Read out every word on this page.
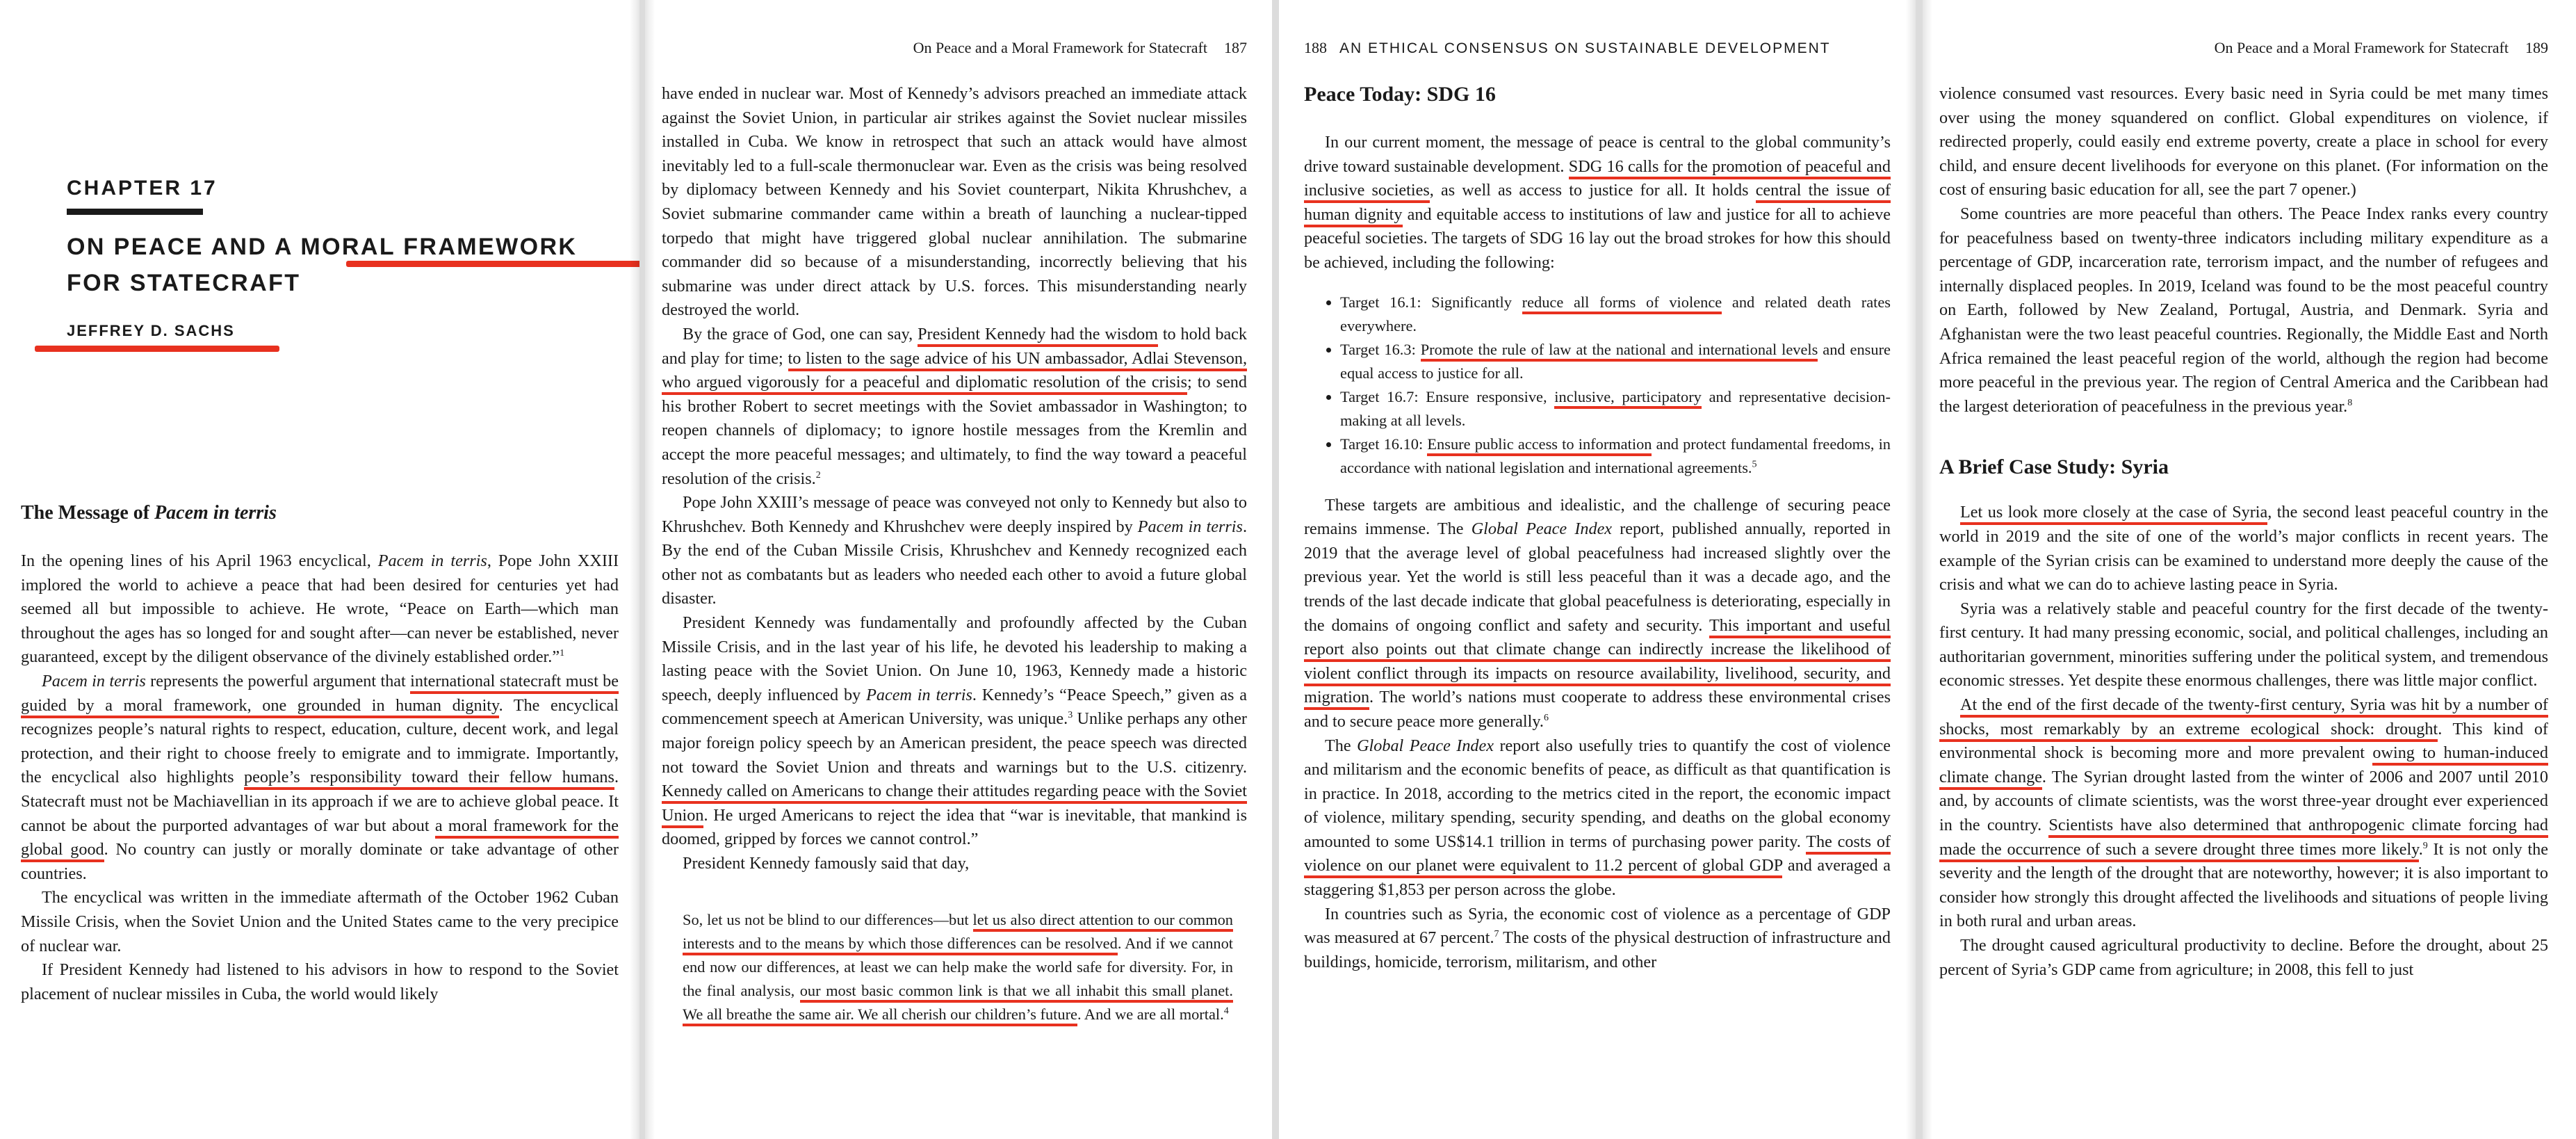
CHAPTER 17
ON PEACE AND A MORAL FRAMEWORK
FOR STATECRAFT
JEFFREY D. SACHS
The Message of Pacem in terris

In the opening lines of his April 1963 encyclical, Pacem in terris, Pope John XXIII implored the world to achieve a peace that had been desired for centuries yet had seemed all but impossible to achieve. He wrote, “Peace on Earth—which man throughout the ages has so longed for and sought after—can never be established, never guaranteed, except by the diligent observance of the divinely established order.”$^1$

Pacem in terris represents the powerful argument that international statecraft must be guided by a moral framework, one grounded in human dignity. The encyclical recognizes people’s natural rights to respect, education, culture, decent work, and legal protection, and their right to choose freely to emigrate and to immigrate. Importantly, the encyclical also highlights people’s responsibility toward their fellow humans. Statecraft must not be Machiavellian in its approach if we are to achieve global peace. It cannot be about the purported advantages of war but about a moral framework for the global good. No country can justly or morally dominate or take advantage of other countries.

The encyclical was written in the immediate aftermath of the October 1962 Cuban Missile Crisis, when the Soviet Union and the United States came to the very precipice of nuclear war.

If President Kennedy had listened to his advisors in how to respond to the Soviet placement of nuclear missiles in Cuba, the world would likely

On Peace and a Moral Framework for Statecraft 187

have ended in nuclear war. Most of Kennedy’s advisors preached an immediate attack against the Soviet Union, in particular air strikes against the Soviet nuclear missiles installed in Cuba. We know in retrospect that such an attack would have almost inevitably led to a full-scale thermonuclear war. Even as the crisis was being resolved by diplomacy between Kennedy and his Soviet counterpart, Nikita Khrushchev, a Soviet submarine commander came within a breath of launching a nuclear-tipped torpedo that might have triggered global nuclear annihilation. The submarine commander did so because of a misunderstanding, incorrectly believing that his submarine was under direct attack by U.S. forces. This misunderstanding nearly destroyed the world.

By the grace of God, one can say, President Kennedy had the wisdom to hold back and play for time; to listen to the sage advice of his UN ambassador, Adlai Stevenson, who argued vigorously for a peaceful and diplomatic resolution of the crisis; to send his brother Robert to secret meetings with the Soviet ambassador in Washington; to reopen channels of diplomacy; to ignore hostile messages from the Kremlin and accept the more peaceful messages; and ultimately, to find the way toward a peaceful resolution of the crisis.$^2$

Pope John XXIII’s message of peace was conveyed not only to Kennedy but also to Khrushchev. Both Kennedy and Khrushchev were deeply inspired by Pacem in terris. By the end of the Cuban Missile Crisis, Khrushchev and Kennedy recognized each other not as combatants but as leaders who needed each other to avoid a future global disaster.

President Kennedy was fundamentally and profoundly affected by the Cuban Missile Crisis, and in the last year of his life, he devoted his leadership to making a lasting peace with the Soviet Union. On June 10, 1963, Kennedy made a historic speech, deeply influenced by Pacem in terris. Kennedy’s “Peace Speech,” given as a commencement speech at American University, was unique.$^3$ Unlike perhaps any other major foreign policy speech by an American president, the peace speech was directed not toward the Soviet Union and threats and warnings but to the U.S. citizenry. Kennedy called on Americans to change their attitudes regarding peace with the Soviet Union. He urged Americans to reject the idea that “war is inevitable, that mankind is doomed, gripped by forces we cannot control.”

President Kennedy famously said that day,

So, let us not be blind to our differences—but let us also direct attention to our common interests and to the means by which those differences can be resolved. And if we cannot end now our differences, at least we can help make the world safe for diversity. For, in the final analysis, our most basic common link is that we all inhabit this small planet. We all breathe the same air. We all cherish our children’s future. And we are all mortal.$^4$

188 AN ETHICAL CONSENSUS ON SUSTAINABLE DEVELOPMENT
Peace Today: SDG 16

In our current moment, the message of peace is central to the global community’s drive toward sustainable development. SDG 16 calls for the promotion of peaceful and inclusive societies, as well as access to justice for all. It holds central the issue of human dignity and equitable access to institutions of law and justice for all to achieve peaceful societies. The targets of SDG 16 lay out the broad strokes for how this should be achieved, including the following:

• Target 16.1: Significantly reduce all forms of violence and related death rates everywhere.
• Target 16.3: Promote the rule of law at the national and international levels and ensure equal access to justice for all.
• Target 16.7: Ensure responsive, inclusive, participatory and representative decision-making at all levels.
• Target 16.10: Ensure public access to information and protect fundamental freedoms, in accordance with national legislation and international agreements.$^5$

These targets are ambitious and idealistic, and the challenge of securing peace remains immense. The Global Peace Index report, published annually, reported in 2019 that the average level of global peacefulness had increased slightly over the previous year. Yet the world is still less peaceful than it was a decade ago, and the trends of the last decade indicate that global peacefulness is deteriorating, especially in the domains of ongoing conflict and safety and security. This important and useful report also points out that climate change can indirectly increase the likelihood of violent conflict through its impacts on resource availability, livelihood, security, and migration. The world’s nations must cooperate to address these environmental crises and to secure peace more generally.$^6$

The Global Peace Index report also usefully tries to quantify the cost of violence and militarism and the economic benefits of peace, as difficult as that quantification is in practice. In 2018, according to the metrics cited in the report, the economic impact of violence, military spending, security spending, and deaths on the global economy amounted to some US$14.1 trillion in terms of purchasing power parity. The costs of violence on our planet were equivalent to 11.2 percent of global GDP and averaged a staggering $1,853 per person across the globe.

In countries such as Syria, the economic cost of violence as a percentage of GDP was measured at 67 percent.$^7$ The costs of the physical destruction of infrastructure and buildings, homicide, terrorism, militarism, and other

On Peace and a Moral Framework for Statecraft 189

violence consumed vast resources. Every basic need in Syria could be met many times over using the money squandered on conflict. Global expenditures on violence, if redirected properly, could easily end extreme poverty, create a place in school for every child, and ensure decent livelihoods for everyone on this planet. (For information on the cost of ensuring basic education for all, see the part 7 opener.)

Some countries are more peaceful than others. The Peace Index ranks every country for peacefulness based on twenty-three indicators including military expenditure as a percentage of GDP, incarceration rate, terrorism impact, and the number of refugees and internally displaced peoples. In 2019, Iceland was found to be the most peaceful country on Earth, followed by New Zealand, Portugal, Austria, and Denmark. Syria and Afghanistan were the two least peaceful countries. Regionally, the Middle East and North Africa remained the least peaceful region of the world, although the region had become more peaceful in the previous year. The region of Central America and the Caribbean had the largest deterioration of peacefulness in the previous year.$^8$

A Brief Case Study: Syria

Let us look more closely at the case of Syria, the second least peaceful country in the world in 2019 and the site of one of the world’s major conflicts in recent years. The example of the Syrian crisis can be examined to understand more deeply the cause of the crisis and what we can do to achieve lasting peace in Syria.

Syria was a relatively stable and peaceful country for the first decade of the twenty-first century. It had many pressing economic, social, and political challenges, including an authoritarian government, minorities suffering under the political system, and tremendous economic stresses. Yet despite these enormous challenges, there was little major conflict.

At the end of the first decade of the twenty-first century, Syria was hit by a number of shocks, most remarkably by an extreme ecological shock: drought. This kind of environmental shock is becoming more and more prevalent owing to human-induced climate change. The Syrian drought lasted from the winter of 2006 and 2007 until 2010 and, by accounts of climate scientists, was the worst three-year drought ever experienced in the country. Scientists have also determined that anthropogenic climate forcing had made the occurrence of such a severe drought three times more likely.$^9$ It is not only the severity and the length of the drought that are noteworthy, however; it is also important to consider how strongly this drought affected the livelihoods and situations of people living in both rural and urban areas.

The drought caused agricultural productivity to decline. Before the drought, about 25 percent of Syria’s GDP came from agriculture; in 2008, this fell to just
